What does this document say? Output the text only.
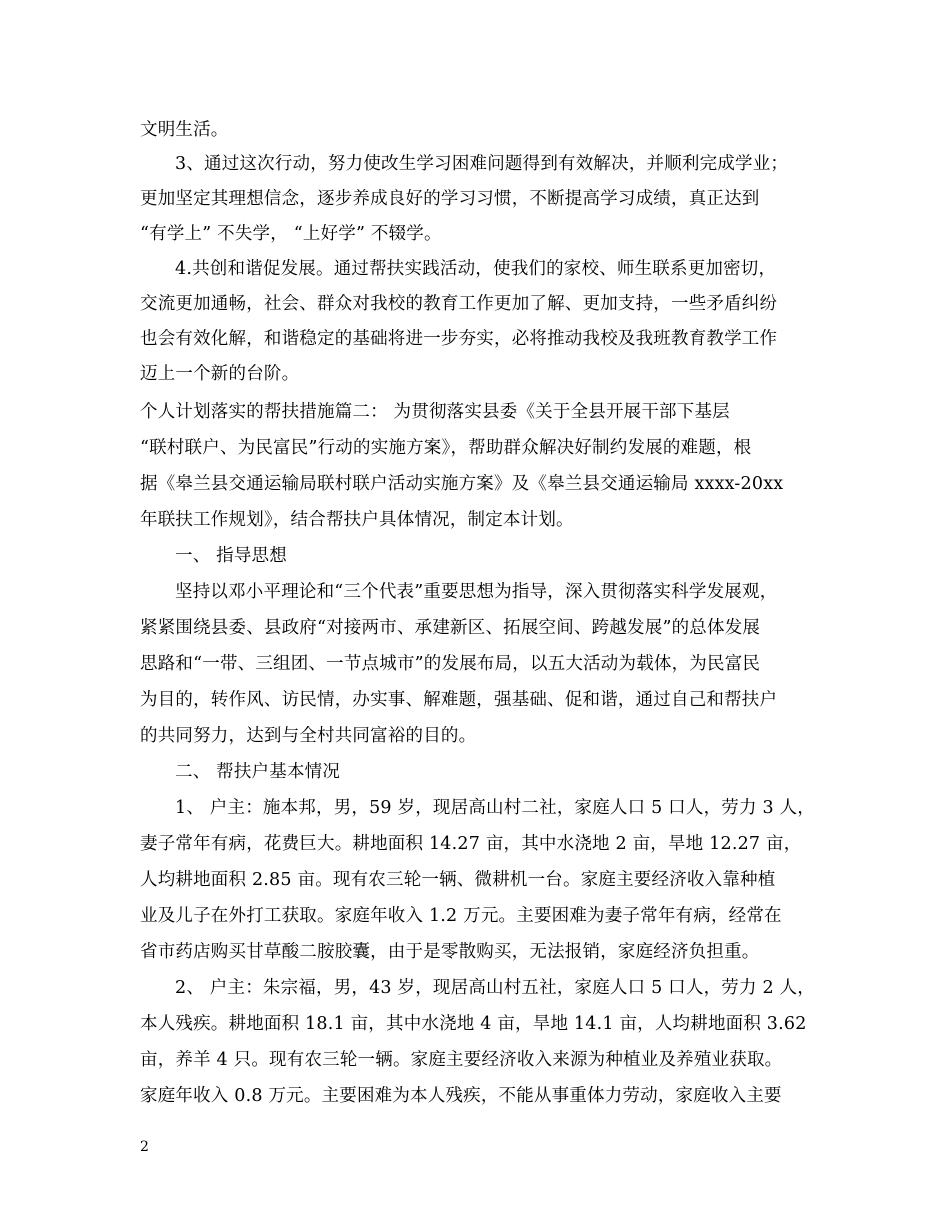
文明生活。
3、通过这次行动，努力使改生学习困难问题得到有效解决，并顺利完成学业；
更加坚定其理想信念，逐步养成良好的学习习惯，不断提高学习成绩，真正达到
“有学上” 不失学， “上好学” 不辍学。
4.共创和谐促发展。通过帮扶实践活动，使我们的家校、师生联系更加密切，
交流更加通畅，社会、群众对我校的教育工作更加了解、更加支持，一些矛盾纠纷
也会有效化解，和谐稳定的基础将进一步夯实，必将推动我校及我班教育教学工作
迈上一个新的台阶。
个人计划落实的帮扶措施篇二： 为贯彻落实县委《关于全县开展干部下基层
“联村联户、为民富民”行动的实施方案》，帮助群众解决好制约发展的难题，根
据《皋兰县交通运输局联村联户活动实施方案》及《皋兰县交通运输局 xxxx-20xx
年联扶工作规划》，结合帮扶户具体情况，制定本计划。
一、 指导思想
坚持以邓小平理论和“三个代表”重要思想为指导，深入贯彻落实科学发展观，
紧紧围绕县委、县政府“对接两市、承建新区、拓展空间、跨越发展”的总体发展
思路和“一带、三组团、一节点城市”的发展布局，以五大活动为载体，为民富民
为目的，转作风、访民情，办实事、解难题，强基础、促和谐，通过自己和帮扶户
的共同努力，达到与全村共同富裕的目的。
二、 帮扶户基本情况
1、 户主：施本邦，男，59 岁，现居高山村二社，家庭人口 5 口人，劳力 3 人，
妻子常年有病，花费巨大。耕地面积 14.27 亩，其中水浇地 2 亩，旱地 12.27 亩，
人均耕地面积 2.85 亩。现有农三轮一辆、微耕机一台。家庭主要经济收入靠种植
业及儿子在外打工获取。家庭年收入 1.2 万元。主要困难为妻子常年有病，经常在
省市药店购买甘草酸二胺胶囊，由于是零散购买，无法报销，家庭经济负担重。
2、 户主：朱宗福，男，43 岁，现居高山村五社，家庭人口 5 口人，劳力 2 人，
本人残疾。耕地面积 18.1 亩，其中水浇地 4 亩，旱地 14.1 亩，人均耕地面积 3.62
亩，养羊 4 只。现有农三轮一辆。家庭主要经济收入来源为种植业及养殖业获取。
家庭年收入 0.8 万元。主要困难为本人残疾，不能从事重体力劳动，家庭收入主要
2
